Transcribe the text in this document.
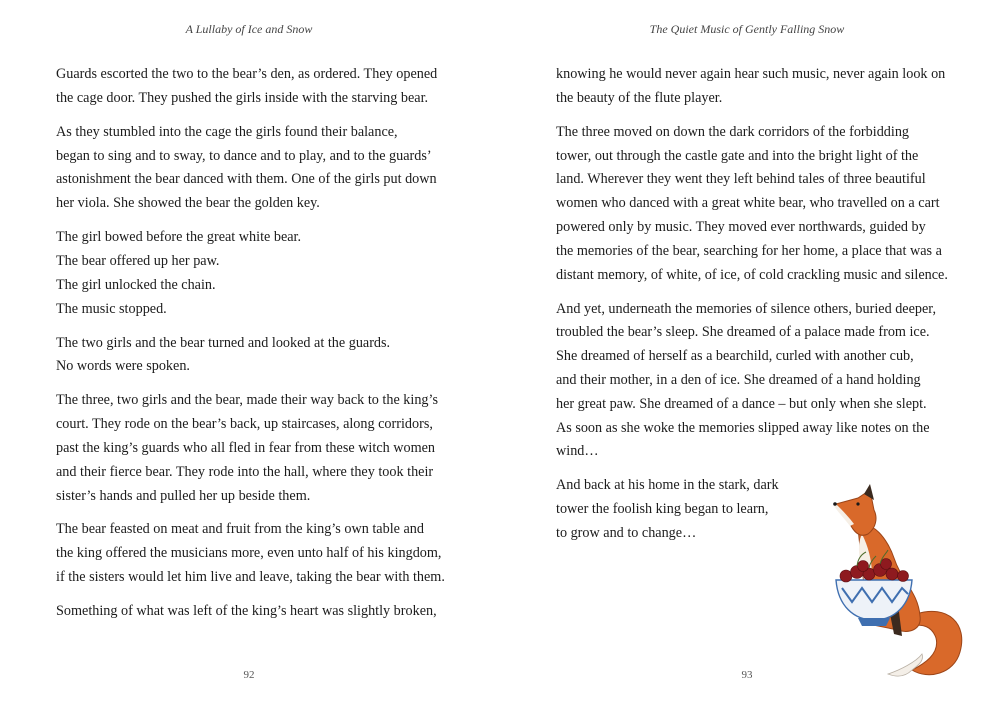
A Lullaby of Ice and Snow
Guards escorted the two to the bear’s den, as ordered. They opened
the cage door. They pushed the girls inside with the starving bear.
As they stumbled into the cage the girls found their balance,
began to sing and to sway, to dance and to play, and to the guards’
astonishment the bear danced with them. One of the girls put down
her viola. She showed the bear the golden key.
The girl bowed before the great white bear.
The bear offered up her paw.
The girl unlocked the chain.
The music stopped.
The two girls and the bear turned and looked at the guards.
No words were spoken.
The three, two girls and the bear, made their way back to the king’s
court. They rode on the bear’s back, up staircases, along corridors,
past the king’s guards who all fled in fear from these witch women
and their fierce bear. They rode into the hall, where they took their
sister’s hands and pulled her up beside them.
The bear feasted on meat and fruit from the king’s own table and
the king offered the musicians more, even unto half of his kingdom,
if the sisters would let him live and leave, taking the bear with them.
Something of what was left of the king’s heart was slightly broken,
92
The Quiet Music of Gently Falling Snow
knowing he would never again hear such music, never again look on
the beauty of the flute player.
The three moved on down the dark corridors of the forbidding
tower, out through the castle gate and into the bright light of the
land. Wherever they went they left behind tales of three beautiful
women who danced with a great white bear, who travelled on a cart
powered only by music. They moved ever northwards, guided by
the memories of the bear, searching for her home, a place that was a
distant memory, of white, of ice, of cold crackling music and silence.
And yet, underneath the memories of silence others, buried deeper,
troubled the bear’s sleep. She dreamed of a palace made from ice.
She dreamed of herself as a bearchild, curled with another cub,
and their mother, in a den of ice. She dreamed of a hand holding
her great paw. She dreamed of a dance – but only when she slept.
As soon as she woke the memories slipped away like notes on the
wind…
And back at his home in the stark, dark
tower the foolish king began to learn,
to grow and to change…
93
